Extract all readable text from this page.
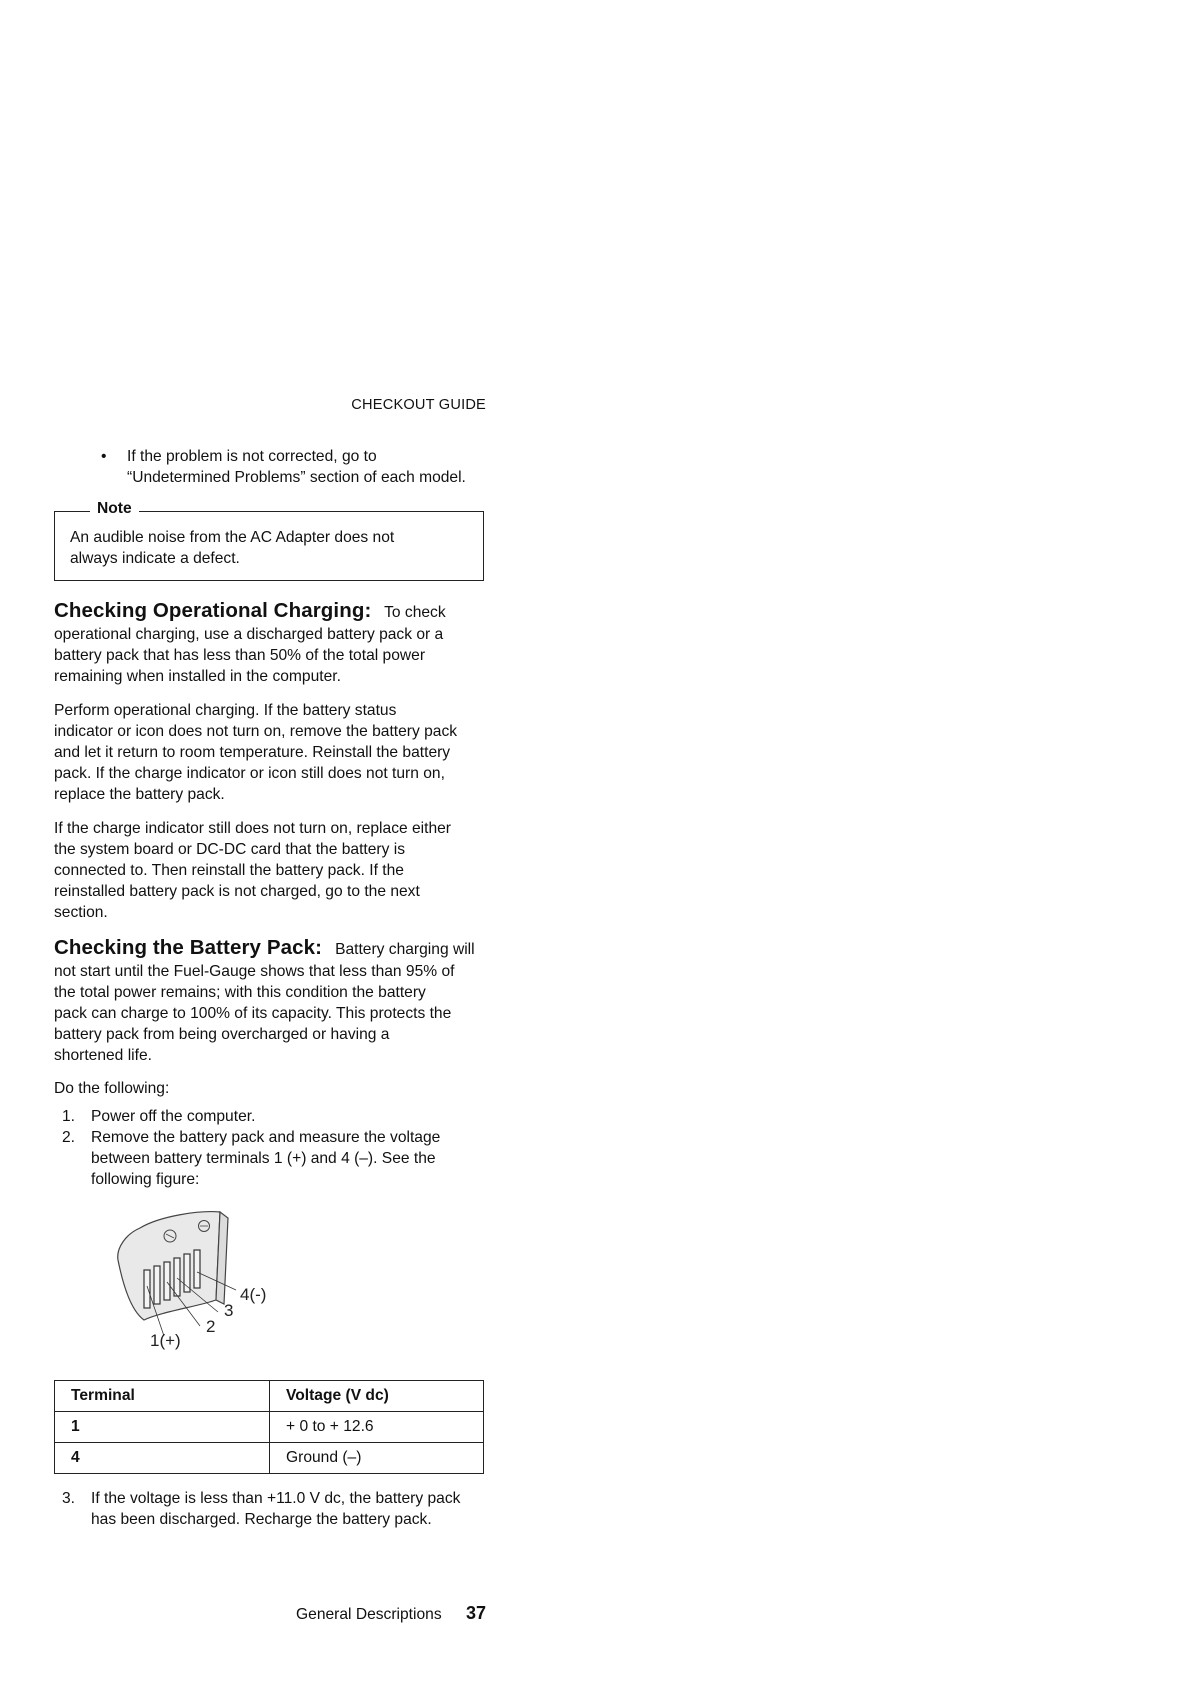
CHECKOUT GUIDE
• If the problem is not corrected, go to
“Undetermined Problems” section of each model.
Note
An audible noise from the AC Adapter does not
always indicate a defect.
Checking Operational Charging: To check
operational charging, use a discharged battery pack or a
battery pack that has less than 50% of the total power
remaining when installed in the computer.
Perform operational charging. If the battery status
indicator or icon does not turn on, remove the battery pack
and let it return to room temperature. Reinstall the battery
pack. If the charge indicator or icon still does not turn on,
replace the battery pack.
If the charge indicator still does not turn on, replace either
the system board or DC-DC card that the battery is
connected to. Then reinstall the battery pack. If the
reinstalled battery pack is not charged, go to the next
section.
Checking the Battery Pack: Battery charging will
not start until the Fuel-Gauge shows that less than 95% of
the total power remains; with this condition the battery
pack can charge to 100% of its capacity. This protects the
battery pack from being overcharged or having a
shortened life.
Do the following:
1.	Power off the computer.
2.	Remove the battery pack and measure the voltage
between battery terminals 1 (+) and 4 (–). See the
following figure:
4(-)
3
2
1(+)
Terminal	Voltage (V dc)
1	+ 0 to + 12.6
4	Ground (–)
3.	If the voltage is less than +11.0 V dc, the battery pack
has been discharged. Recharge the battery pack.
General Descriptions 37
